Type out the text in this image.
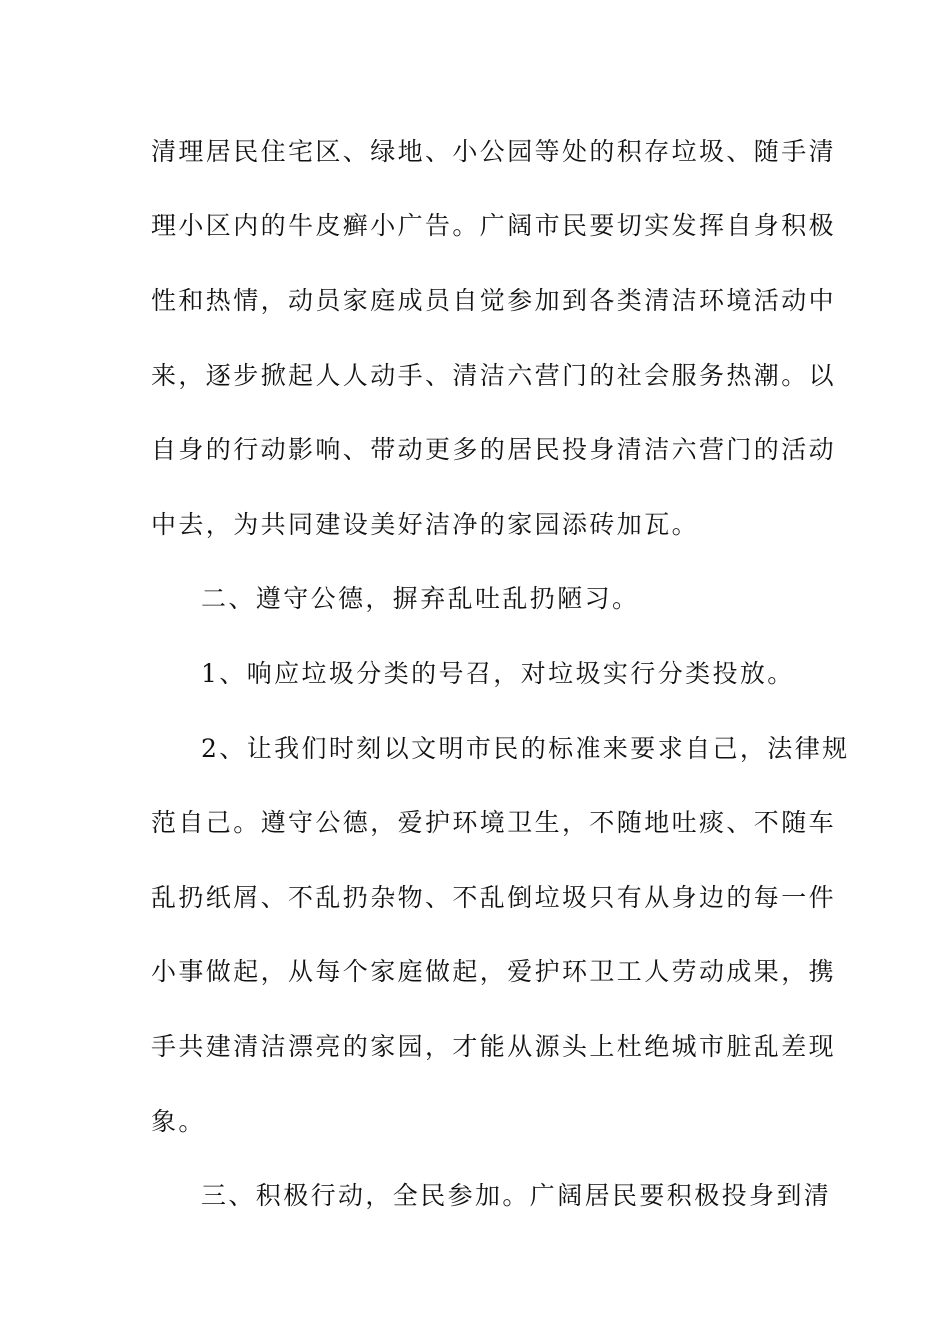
清理居民住宅区、绿地、小公园等处的积存垃圾、随手清
理小区内的牛皮癣小广告。广阔市民要切实发挥自身积极
性和热情，动员家庭成员自觉参加到各类清洁环境活动中
来，逐步掀起人人动手、清洁六营门的社会服务热潮。以
自身的行动影响、带动更多的居民投身清洁六营门的活动
中去，为共同建设美好洁净的家园添砖加瓦。
二、遵守公德，摒弃乱吐乱扔陋习。
1、响应垃圾分类的号召，对垃圾实行分类投放。
2、让我们时刻以文明市民的标准来要求自己，法律规
范自己。遵守公德，爱护环境卫生，不随地吐痰、不随车
乱扔纸屑、不乱扔杂物、不乱倒垃圾只有从身边的每一件
小事做起，从每个家庭做起，爱护环卫工人劳动成果，携
手共建清洁漂亮的家园，才能从源头上杜绝城市脏乱差现
象。
三、积极行动，全民参加。广阔居民要积极投身到清
